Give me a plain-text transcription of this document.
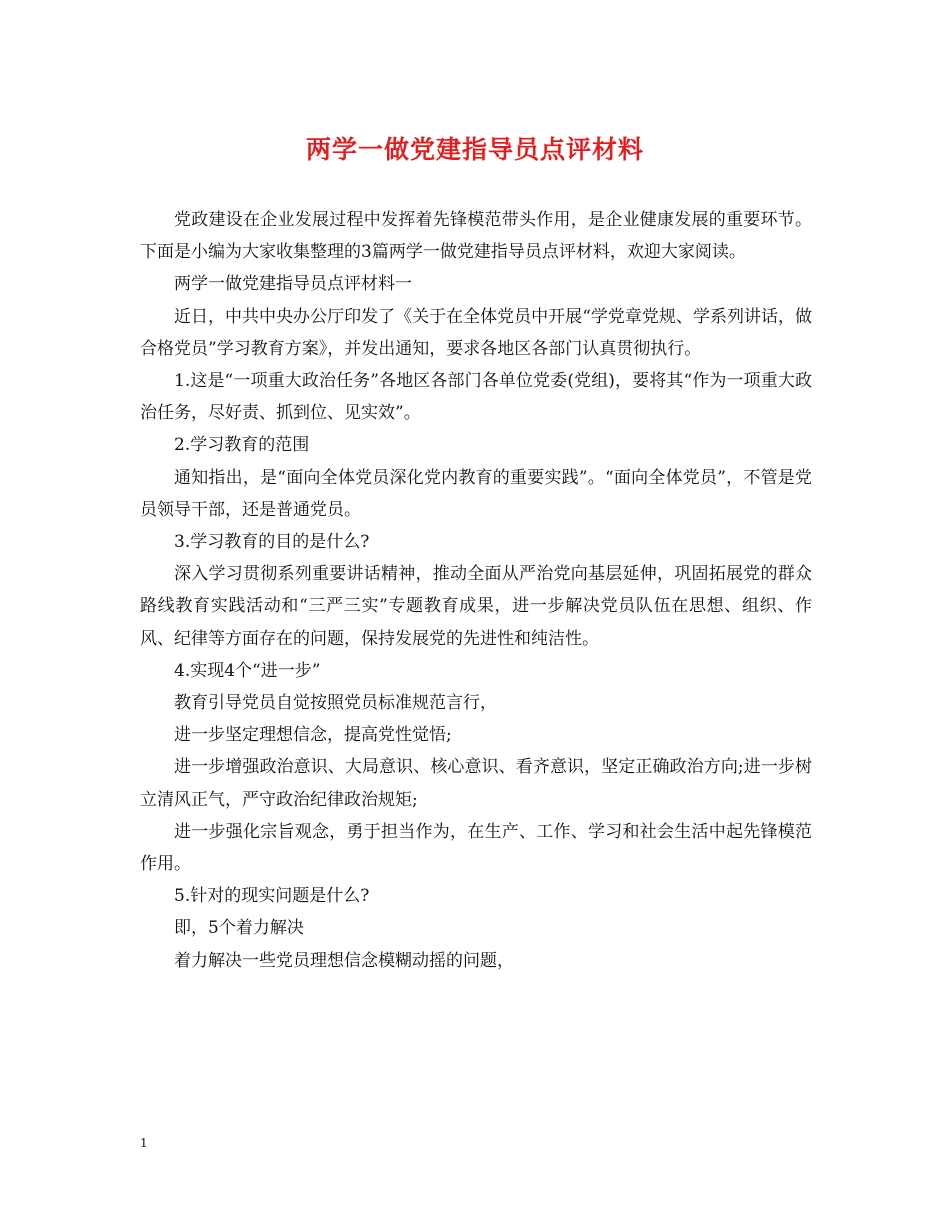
两学一做党建指导员点评材料

党政建设在企业发展过程中发挥着先锋模范带头作用，是企业健康发展的重要环节。下面是小编为大家收集整理的3篇两学一做党建指导员点评材料，欢迎大家阅读。

两学一做党建指导员点评材料一

近日，中共中央办公厅印发了《关于在全体党员中开展“学党章党规、学系列讲话，做合格党员”学习教育方案》，并发出通知，要求各地区各部门认真贯彻执行。

1.这是“一项重大政治任务”各地区各部门各单位党委(党组)，要将其“作为一项重大政治任务，尽好责、抓到位、见实效”。

2.学习教育的范围

通知指出，是“面向全体党员深化党内教育的重要实践”。“面向全体党员”，不管是党员领导干部，还是普通党员。

3.学习教育的目的是什么?

深入学习贯彻系列重要讲话精神，推动全面从严治党向基层延伸，巩固拓展党的群众路线教育实践活动和“三严三实”专题教育成果，进一步解决党员队伍在思想、组织、作风、纪律等方面存在的问题，保持发展党的先进性和纯洁性。

4.实现4个“进一步”

教育引导党员自觉按照党员标准规范言行，

进一步坚定理想信念，提高党性觉悟;

进一步增强政治意识、大局意识、核心意识、看齐意识，坚定正确政治方向;进一步树立清风正气，严守政治纪律政治规矩;

进一步强化宗旨观念，勇于担当作为，在生产、工作、学习和社会生活中起先锋模范作用。

5.针对的现实问题是什么?

即，5个着力解决

着力解决一些党员理想信念模糊动摇的问题，

1
